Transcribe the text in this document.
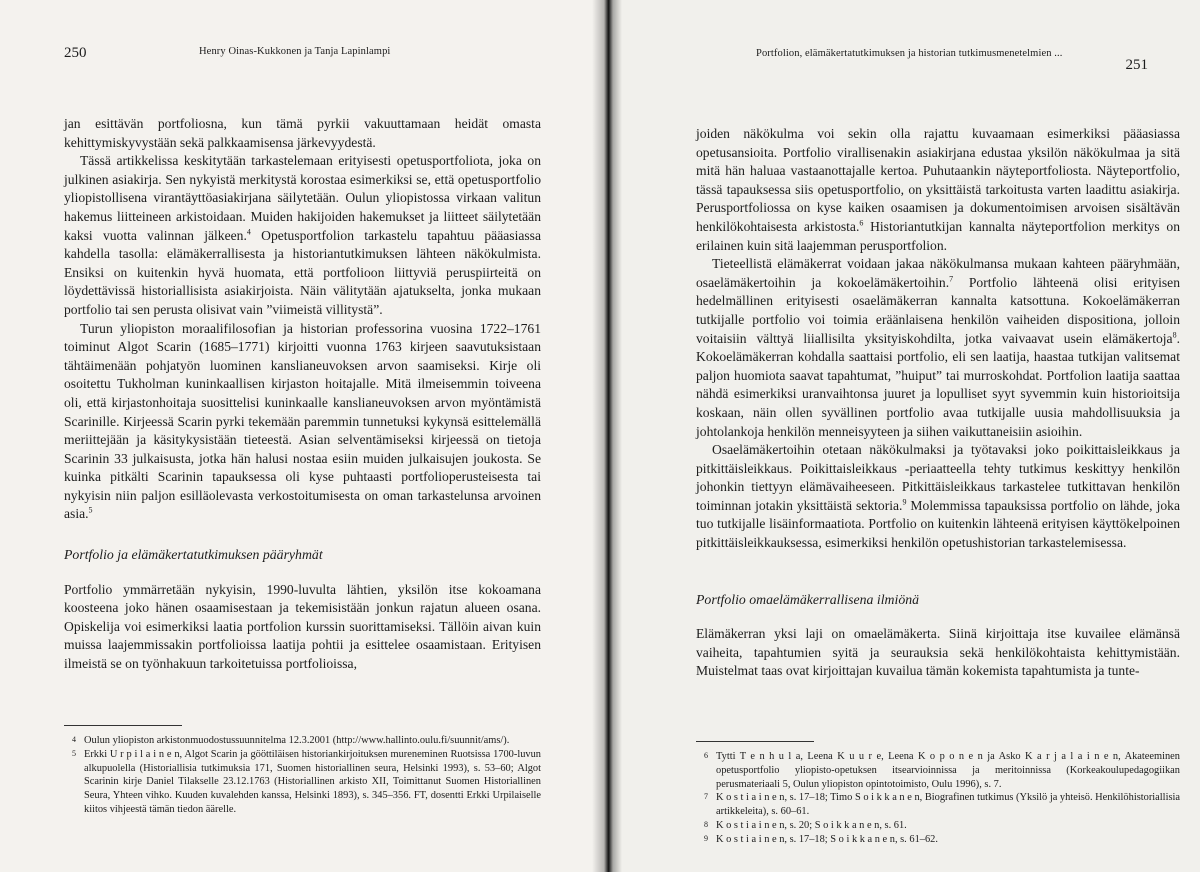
250	Henry Oinas-Kukkonen ja Tanja Lapinlampi

jan esittävän portfoliosna, kun tämä pyrkii vakuuttamaan heidät omasta kehittymiskyvystään sekä palkkaamisensa järkevyydestä.

Tässä artikkelissa keskitytään tarkastelemaan erityisesti opetusportfoliota, joka on julkinen asiakirja. Sen nykyistä merkitystä korostaa esimerkiksi se, että opetusportfolio yliopistollisena virantäyttöasiakirjana säilytetään. Oulun yliopistossa virkaan valitun hakemus liitteineen arkistoidaan. Muiden hakijoiden hakemukset ja liitteet säilytetään kaksi vuotta valinnan jälkeen.$^4$ Opetusportfolion tarkastelu tapahtuu pääasiassa kahdella tasolla: elämäkerrallisesta ja historiantutkimuksen lähteen näkökulmista. Ensiksi on kuitenkin hyvä huomata, että portfolioon liittyviä peruspiirteitä on löydettävissä historiallisista asiakirjoista. Näin välitytään ajatukselta, jonka mukaan portfolio tai sen perusta olisivat vain ”viimeistä villitystä”.

Turun yliopiston moraalifilosofian ja historian professorina vuosina 1722–1761 toiminut Algot Scarin (1685–1771) kirjoitti vuonna 1763 kirjeen saavutuksistaan tähtäimenään pohjatyön luominen kanslianeuvoksen arvon saamiseksi. Kirje oli osoitettu Tukholman kuninkaallisen kirjaston hoitajalle. Mitä ilmeisemmin toiveena oli, että kirjastonhoitaja suosittelisi kuninkaalle kanslianeuvoksen arvon myöntämistä Scarinille. Kirjeessä Scarin pyrki tekemään paremmin tunnetuksi kykynsä esittelemällä meriittejään ja käsitykysistään tieteestä. Asian selventämiseksi kirjeessä on tietoja Scarinin 33 julkaisusta, jotka hän halusi nostaa esiin muiden julkaisujen joukosta. Se kuinka pitkälti Scarinin tapauksessa oli kyse puhtaasti portfolioperusteisesta tai nykyisin niin paljon esilläolevasta verkostoitumisesta on oman tarkastelunsa arvoinen asia.$^5$

Portfolio ja elämäkertatutkimuksen pääryhmät

Portfolio ymmärretään nykyisin, 1990-luvulta lähtien, yksilön itse kokoamana koosteena joko hänen osaamisestaan ja tekemisistään jonkun rajatun alueen osana. Opiskelija voi esimerkiksi laatia portfolion kurssin suorittamiseksi. Tällöin aivan kuin muissa laajemmissakin portfolioissa laatija pohtii ja esittelee osaamistaan. Erityisen ilmeistä se on työnhakuun tarkoitetuissa portfolioissa,

4 Oulun yliopiston arkistonmuodostussuunnitelma 12.3.2001 (http://www.hallinto.oulu.fi/suunnit/ams/).
5 Erkki U r p i l a i n e n, Algot Scarin ja gööttiläisen historiankirjoituksen mureneminen Ruotsissa 1700-luvun alkupuolella (Historiallisia tutkimuksia 171, Suomen historiallinen seura, Helsinki 1993), s. 53–60; Algot Scarinin kirje Daniel Tilakselle 23.12.1763 (Historiallinen arkisto XII, Toimittanut Suomen Historiallinen Seura, Yhteen vihko. Kuuden kuvalehden kanssa, Helsinki 1893), s. 345–356. FT, dosentti Erkki Urpilaiselle kiitos vihjeestä tämän tiedon äärelle.
Portfolion, elämäkertatutkimuksen ja historian tutkimusmenetelmien ...
251

joiden näkökulma voi sekin olla rajattu kuvaamaan esimerkiksi pääasiassa opetusansioita. Portfolio virallisenakin asiakirjana edustaa yksilön näkökulmaa ja sitä mitä hän haluaa vastaanottajalle kertoa. Puhutaankin näyteportfoliosta. Näyteportfolio, tässä tapauksessa siis opetusportfolio, on yksittäistä tarkoitusta varten laadittu asiakirja. Perusportfoliossa on kyse kaiken osaamisen ja dokumentoimisen arvoisen sisältävän henkilökohtaisesta arkistosta.$^6$ Historiantutkijan kannalta näyteportfolion merkitys on erilainen kuin sitä laajemman perusportfolion.

Tieteellistä elämäkerrat voidaan jakaa näkökulmansa mukaan kahteen pääryhmään, osaelämäkertoihin ja kokoelämäkertoihin.$^7$ Portfolio lähteenä olisi erityisen hedelmällinen erityisesti osaelämäkerran kannalta katsottuna. Kokoelämäkerran tutkijalle portfolio voi toimia eräänlaisena henkilön vaiheiden dispositiona, jolloin voitaisiin välttyä liiallisilta yksityiskohdilta, jotka vaivaavat usein elämäkertoja$^8$. Kokoelämäkerran kohdalla saattaisi portfolio, eli sen laatija, haastaa tutkijan valitsemat paljon huomiota saavat tapahtumat, ”huiput” tai murroskohdat. Portfolion laatija saattaa nähdä esimerkiksi uranvaihtonsa juuret ja lopulliset syyt syvemmin kuin historioitsija koskaan, näin ollen syvällinen portfolio avaa tutkijalle uusia mahdollisuuksia ja johtolankoja henkilön menneisyyteen ja siihen vaikuttaneisiin asioihin.

Osaelämäkertoihin otetaan näkökulmaksi ja työtavaksi joko poikittaisleikkaus ja pitkittäisleikkaus. Poikittaisleikkaus -periaatteella tehty tutkimus keskittyy henkilön johonkin tiettyyn elämävaiheeseen. Pitkittäisleikkaus tarkastelee tutkittavan henkilön toiminnan jotakin yksittäistä sektoria.$^9$ Molemmissa tapauksissa portfolio on lähde, joka tuo tutkijalle lisäinformaatiota. Portfolio on kuitenkin lähteenä erityisen käyttökelpoinen pitkittäisleikkauksessa, esimerkiksi henkilön opetushistorian tarkastelemisessa.

Portfolio omaelämäkerrallisena ilmiönä

Elämäkerran yksi laji on omaelämäkerta. Siinä kirjoittaja itse kuvailee elämänsä vaiheita, tapahtumien syitä ja seurauksia sekä henkilökohtaista kehittymistään. Muistelmat taas ovat kirjoittajan kuvailua tämän kokemista tapahtumista ja tunte-

6 Tytti T e n h u l a, Leena K u u r e, Leena K o p o n e n ja Asko K a r j a l a i n e n, Akateeminen opetusportfolio yliopisto-opetuksen itsearvioinnissa ja meritoinnissa (Korkeakoulupedagogiikan perusmateriaali 5, Oulun yliopiston opintotoimisto, Oulu 1996), s. 7.
7 K o s t i a i n e n, s. 17–18; Timo S o i k k a n e n, Biografinen tutkimus (Yksilö ja yhteisö. Henkilöhistoriallisia artikkeleita), s. 60–61.
8 K o s t i a i n e n, s. 20; S o i k k a n e n, s. 61.
9 K o s t i a i n e n, s. 17–18; S o i k k a n e n, s. 61–62.
